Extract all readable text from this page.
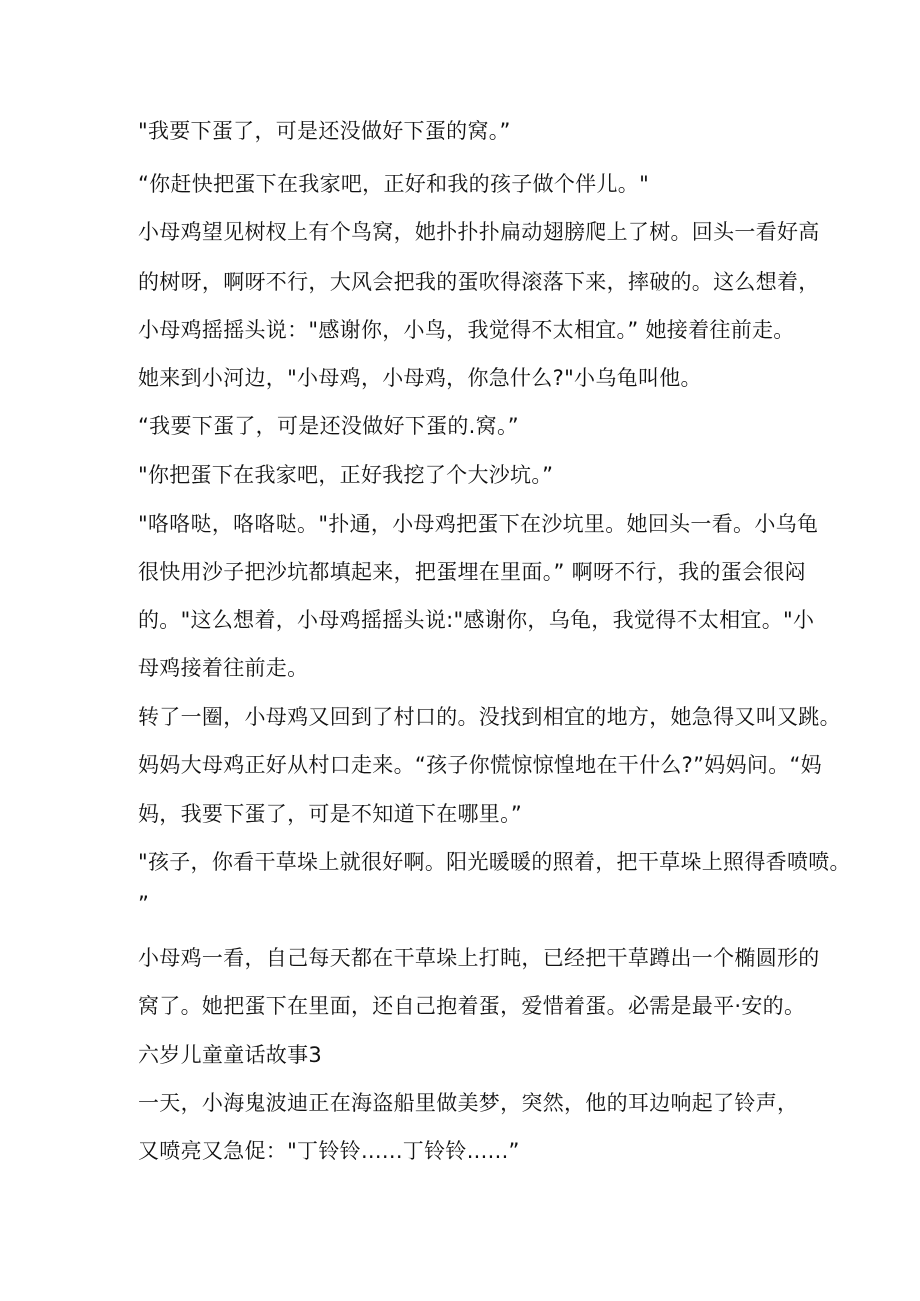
"我要下蛋了，可是还没做好下蛋的窝。”
“你赶快把蛋下在我家吧，正好和我的孩子做个伴儿。"
小母鸡望见树杈上有个鸟窝，她扑扑扑扁动翅膀爬上了树。回头一看好高
的树呀，啊呀不行，大风会把我的蛋吹得滚落下来，摔破的。这么想着，
小母鸡摇摇头说："感谢你，小鸟，我觉得不太相宜。” 她接着往前走。
她来到小河边，"小母鸡，小母鸡，你急什么?"小乌龟叫他。
“我要下蛋了，可是还没做好下蛋的.窝。”
"你把蛋下在我家吧，正好我挖了个大沙坑。”
"咯咯哒，咯咯哒。"扑通，小母鸡把蛋下在沙坑里。她回头一看。小乌龟
很快用沙子把沙坑都填起来，把蛋埋在里面。” 啊呀不行，我的蛋会很闷
的。"这么想着，小母鸡摇摇头说:"感谢你，乌龟，我觉得不太相宜。"小
母鸡接着往前走。
转了一圈，小母鸡又回到了村口的。没找到相宜的地方，她急得又叫又跳。
妈妈大母鸡正好从村口走来。“孩子你慌惊惊惶地在干什么?”妈妈问。“妈
妈，我要下蛋了，可是不知道下在哪里。”
"孩子，你看干草垛上就很好啊。阳光暖暖的照着，把干草垛上照得香喷喷。
”
小母鸡一看，自己每天都在干草垛上打盹，已经把干草蹲出一个椭圆形的
窝了。她把蛋下在里面，还自己抱着蛋，爱惜着蛋。必需是最平·安的。
六岁儿童童话故事3
一天，小海鬼波迪正在海盗船里做美梦，突然，他的耳边响起了铃声，
又喷亮又急促："丁铃铃......丁铃铃......”
